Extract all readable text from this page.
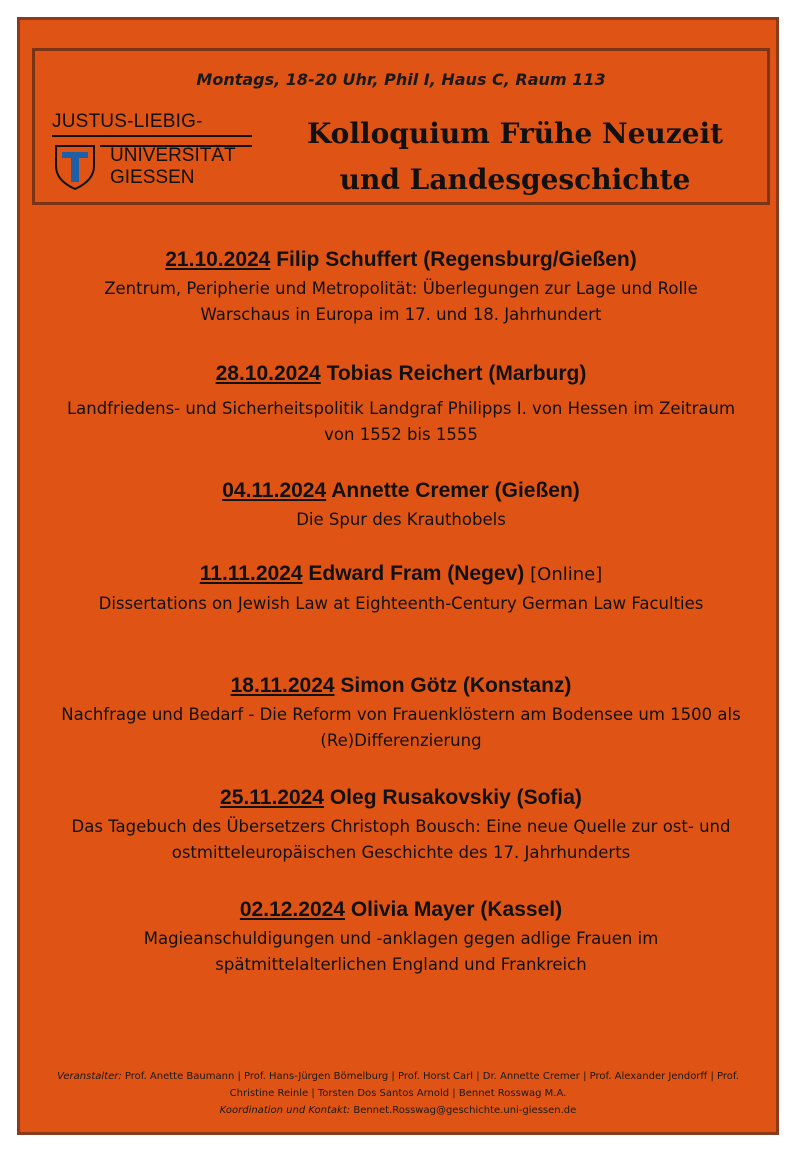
Montags, 18-20 Uhr, Phil I, Haus C, Raum 113
JUSTUS-LIEBIG-
UNIVERSITÄT
GIESSEN
Kolloquium Frühe Neuzeit
und Landesgeschichte
21.10.2024 Filip Schuffert (Regensburg/Gießen)
Zentrum, Peripherie und Metropolität: Überlegungen zur Lage und Rolle Warschaus in Europa im 17. und 18. Jahrhundert
28.10.2024 Tobias Reichert (Marburg)
Landfriedens- und Sicherheitspolitik Landgraf Philipps I. von Hessen im Zeitraum von 1552 bis 1555
04.11.2024 Annette Cremer (Gießen)
Die Spur des Krauthobels
11.11.2024 Edward Fram (Negev) [Online]
Dissertations on Jewish Law at Eighteenth-Century German Law Faculties
18.11.2024 Simon Götz (Konstanz)
Nachfrage und Bedarf - Die Reform von Frauenklöstern am Bodensee um 1500 als (Re)Differenzierung
25.11.2024 Oleg Rusakovskiy (Sofia)
Das Tagebuch des Übersetzers Christoph Bousch: Eine neue Quelle zur ost- und ostmitteleuropäischen Geschichte des 17. Jahrhunderts
02.12.2024 Olivia Mayer (Kassel)
Magieanschuldigungen und -anklagen gegen adlige Frauen im spätmittelalterlichen England und Frankreich
Veranstalter: Prof. Anette Baumann | Prof. Hans-Jürgen Bömelburg | Prof. Horst Carl | Dr. Annette Cremer | Prof. Alexander Jendorff | Prof. Christine Reinle | Torsten Dos Santos Arnold | Bennet Rosswag M.A.
Koordination und Kontakt: Bennet.Rosswag@geschichte.uni-giessen.de
